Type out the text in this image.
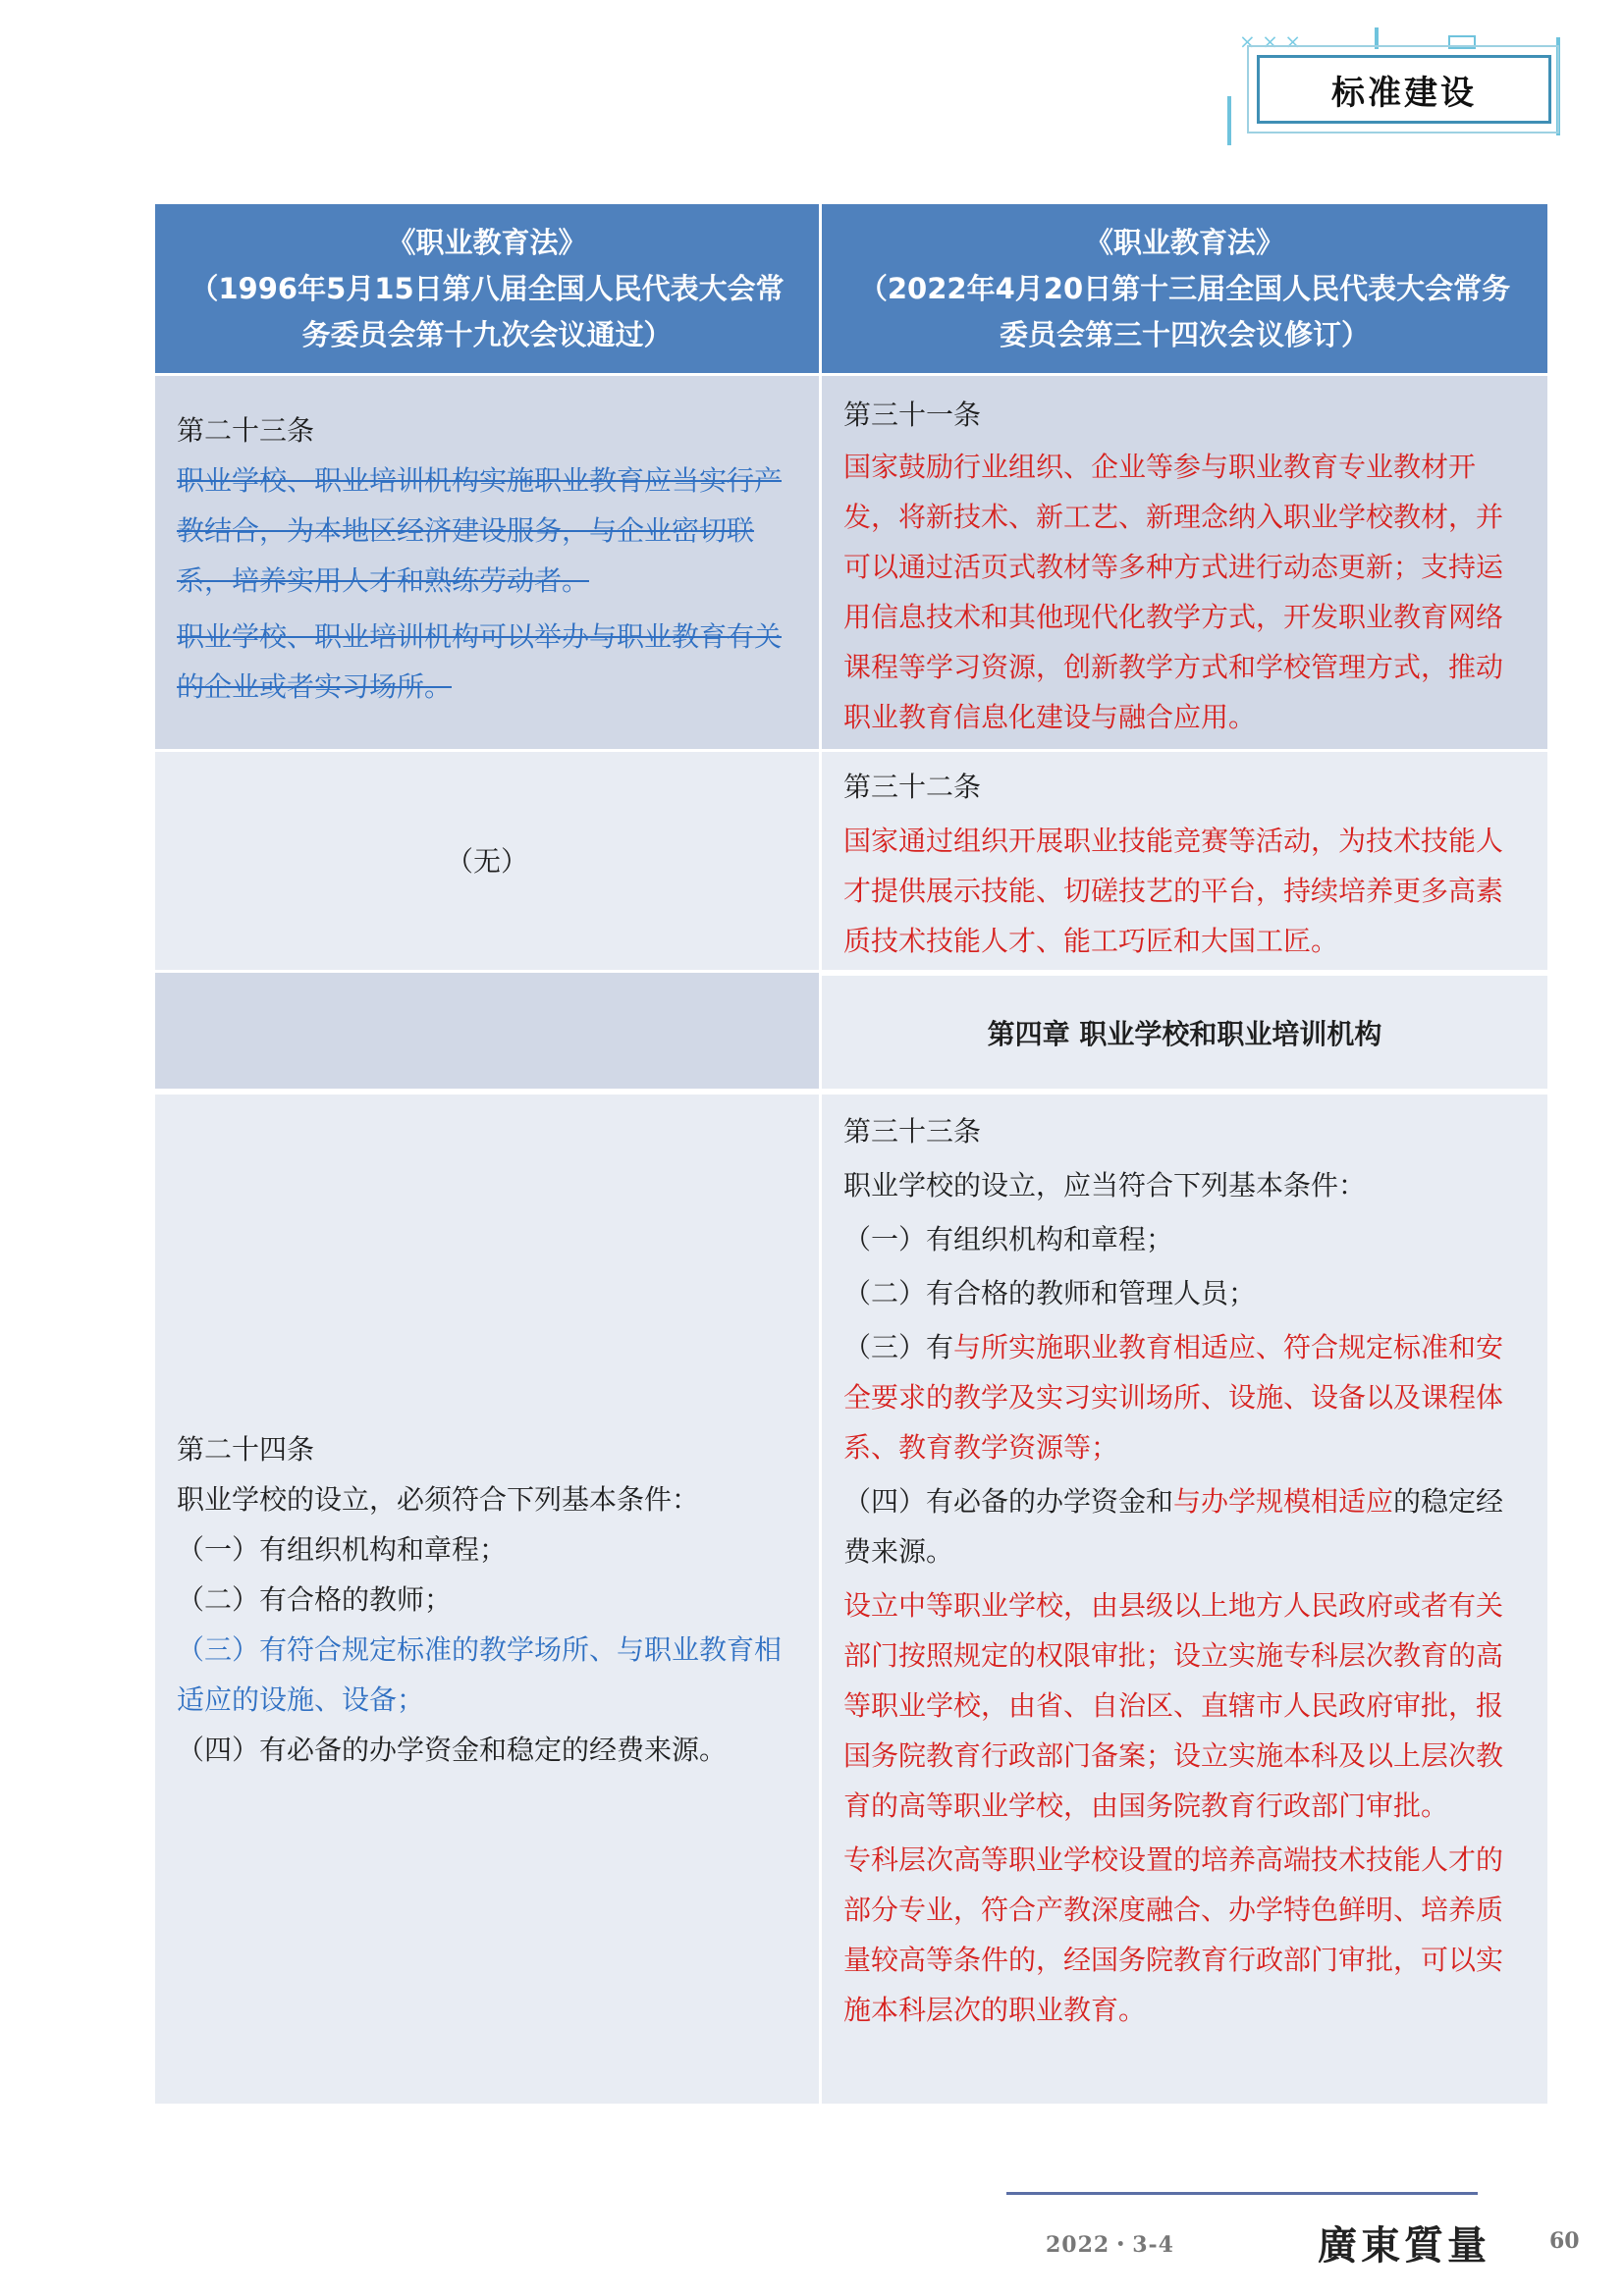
× × ×
标准建设
《职业教育法》
（1996年5月15日第八届全国人民代表大会常
务委员会第十九次会议通过）
《职业教育法》
（2022年4月20日第十三届全国人民代表大会常务
委员会第三十四次会议修订）

第二十三条

职业学校、职业培训机构实施职业教育应当实行产教结合，为本地区经济建设服务，与企业密切联系，培养实用人才和熟练劳动者。

职业学校、职业培训机构可以举办与职业教育有关的企业或者实习场所。

第三十一条

国家鼓励行业组织、企业等参与职业教育专业教材开发，将新技术、新工艺、新理念纳入职业学校教材，并可以通过活页式教材等多种方式进行动态更新；支持运用信息技术和其他现代化教学方式，开发职业教育网络课程等学习资源，创新教学方式和学校管理方式，推动职业教育信息化建设与融合应用。

（无）

第三十二条

国家通过组织开展职业技能竞赛等活动，为技术技能人才提供展示技能、切磋技艺的平台，持续培养更多高素质技术技能人才、能工巧匠和大国工匠。

第四章 职业学校和职业培训机构

第二十四条

职业学校的设立，必须符合下列基本条件：

（一）有组织机构和章程；

（二）有合格的教师；

（三）有符合规定标准的教学场所、与职业教育相适应的设施、设备；

（四）有必备的办学资金和稳定的经费来源。

第三十三条

职业学校的设立，应当符合下列基本条件：

（一）有组织机构和章程；

（二）有合格的教师和管理人员；

（三）有与所实施职业教育相适应、符合规定标准和安全要求的教学及实习实训场所、设施、设备以及课程体系、教育教学资源等；

（四）有必备的办学资金和与办学规模相适应的稳定经费来源。

设立中等职业学校，由县级以上地方人民政府或者有关部门按照规定的权限审批；设立实施专科层次教育的高等职业学校，由省、自治区、直辖市人民政府审批，报国务院教育行政部门备案；设立实施本科及以上层次教育的高等职业学校，由国务院教育行政部门审批。

专科层次高等职业学校设置的培养高端技术技能人才的部分专业，符合产教深度融合、办学特色鲜明、培养质量较高等条件的，经国务院教育行政部门审批，可以实施本科层次的职业教育。

2022・3-4	廣東質量	60
